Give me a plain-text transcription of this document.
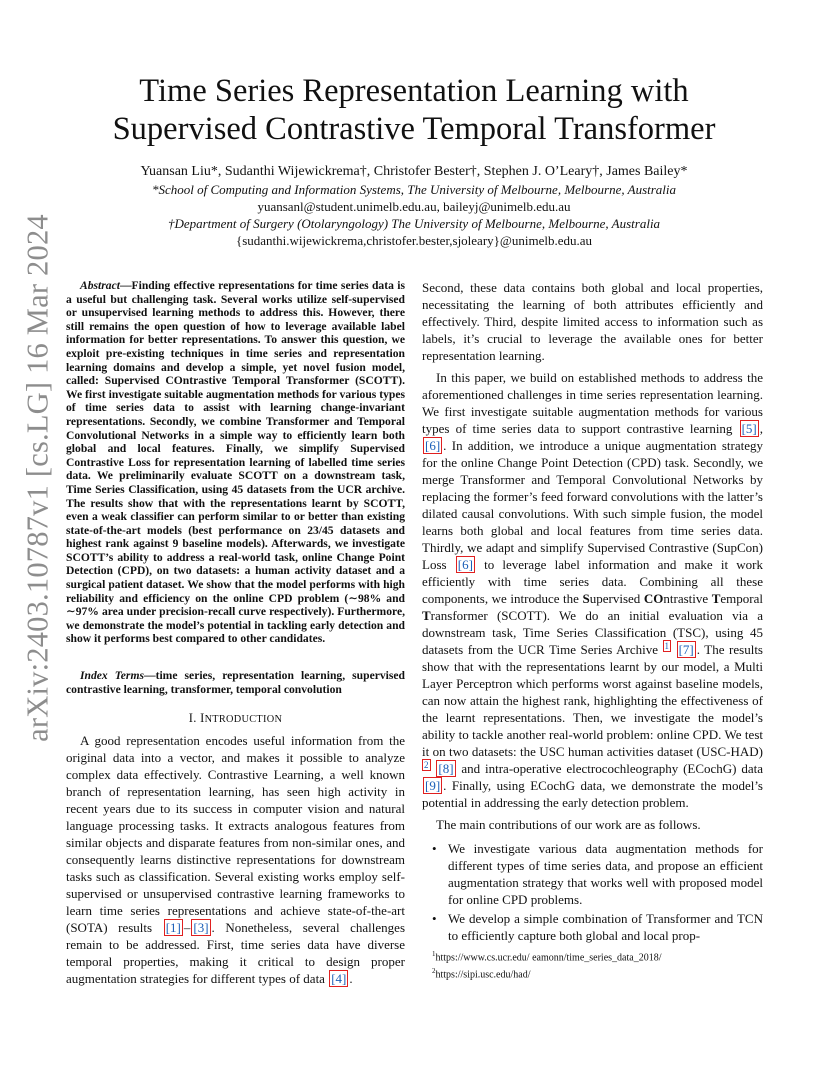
arXiv:2403.10787v1 [cs.LG] 16 Mar 2024
Time Series Representation Learning with
Supervised Contrastive Temporal Transformer
Yuansan Liu*, Sudanthi Wijewickrema†, Christofer Bester†, Stephen J. O’Leary†, James Bailey*
*School of Computing and Information Systems, The University of Melbourne, Melbourne, Australia
yuansanl@student.unimelb.edu.au, baileyj@unimelb.edu.au
†Department of Surgery (Otolaryngology) The University of Melbourne, Melbourne, Australia
{sudanthi.wijewickrema,christofer.bester,sjoleary}@unimelb.edu.au

Abstract—Finding effective representations for time series data is a useful but challenging task. Several works utilize self-supervised or unsupervised learning methods to address this. However, there still remains the open question of how to leverage available label information for better representations. To answer this question, we exploit pre-existing techniques in time series and representation learning domains and develop a simple, yet novel fusion model, called: Supervised COntrastive Temporal Transformer (SCOTT). We first investigate suitable augmentation methods for various types of time series data to assist with learning change-invariant representations. Secondly, we combine Transformer and Temporal Convolutional Networks in a simple way to efficiently learn both global and local features. Finally, we simplify Supervised Contrastive Loss for representation learning of labelled time series data. We preliminarily evaluate SCOTT on a downstream task, Time Series Classification, using 45 datasets from the UCR archive. The results show that with the representations learnt by SCOTT, even a weak classifier can perform similar to or better than existing state-of-the-art models (best performance on 23/45 datasets and highest rank against 9 baseline models). Afterwards, we investigate SCOTT’s ability to address a real-world task, online Change Point Detection (CPD), on two datasets: a human activity dataset and a surgical patient dataset. We show that the model performs with high reliability and efficiency on the online CPD problem (∼98% and ∼97% area under precision-recall curve respectively). Furthermore, we demonstrate the model’s potential in tackling early detection and show it performs best compared to other candidates.

Index Terms—time series, representation learning, supervised contrastive learning, transformer, temporal convolution

I. INTRODUCTION

A good representation encodes useful information from the original data into a vector, and makes it possible to analyze complex data effectively. Contrastive Learning, a well known branch of representation learning, has seen high activity in recent years due to its success in computer vision and natural language processing tasks. It extracts analogous features from similar objects and disparate features from non-similar ones, and consequently learns distinctive representations for downstream tasks such as classification. Several existing works employ self-supervised or unsupervised contrastive learning frameworks to learn time series representations and achieve state-of-the-art (SOTA) results [1] – [3] . Nonetheless, several challenges remain to be addressed. First, time series data have diverse temporal properties, making it critical to design proper augmentation strategies for different types of data [4] .

Second, these data contains both global and local properties, necessitating the learning of both attributes efficiently and effectively. Third, despite limited access to information such as labels, it’s crucial to leverage the available ones for better representation learning.

In this paper, we build on established methods to address the aforementioned challenges in time series representation learning. We first investigate suitable augmentation methods for various types of time series data to support contrastive learning [5] , [6] . In addition, we introduce a unique augmentation strategy for the online Change Point Detection (CPD) task. Secondly, we merge Transformer and Temporal Convolutional Networks by replacing the former’s feed forward convolutions with the latter’s dilated causal convolutions. With such simple fusion, the model learns both global and local features from time series data. Thirdly, we adapt and simplify Supervised Contrastive (SupCon) Loss [6] to leverage label information and make it work efficiently with time series data. Combining all these components, we introduce the Supervised COntrastive Temporal Transformer (SCOTT). We do an initial evaluation via a downstream task, Time Series Classification (TSC), using 45 datasets from the UCR Time Series Archive $^1$ [7] . The results show that with the representations learnt by our model, a Multi Layer Perceptron which performs worst against baseline models, can now attain the highest rank, highlighting the effectiveness of the learnt representations. Then, we investigate the model’s ability to tackle another real-world problem: online CPD. We test it on two datasets: the USC human activities dataset (USC-HAD) $^2$ [8] and intra-operative electrocochleography (ECochG) data [9] . Finally, using ECochG data, we demonstrate the model’s potential in addressing the early detection problem.

The main contributions of our work are as follows.

• We investigate various data augmentation methods for different types of time series data, and propose an efficient augmentation strategy that works well with proposed model for online CPD problems.
• We develop a simple combination of Transformer and TCN to efficiently capture both global and local prop-
$^1$https://www.cs.ucr.edu/ eamonn/time_series_data_2018/
$^2$https://sipi.usc.edu/had/
